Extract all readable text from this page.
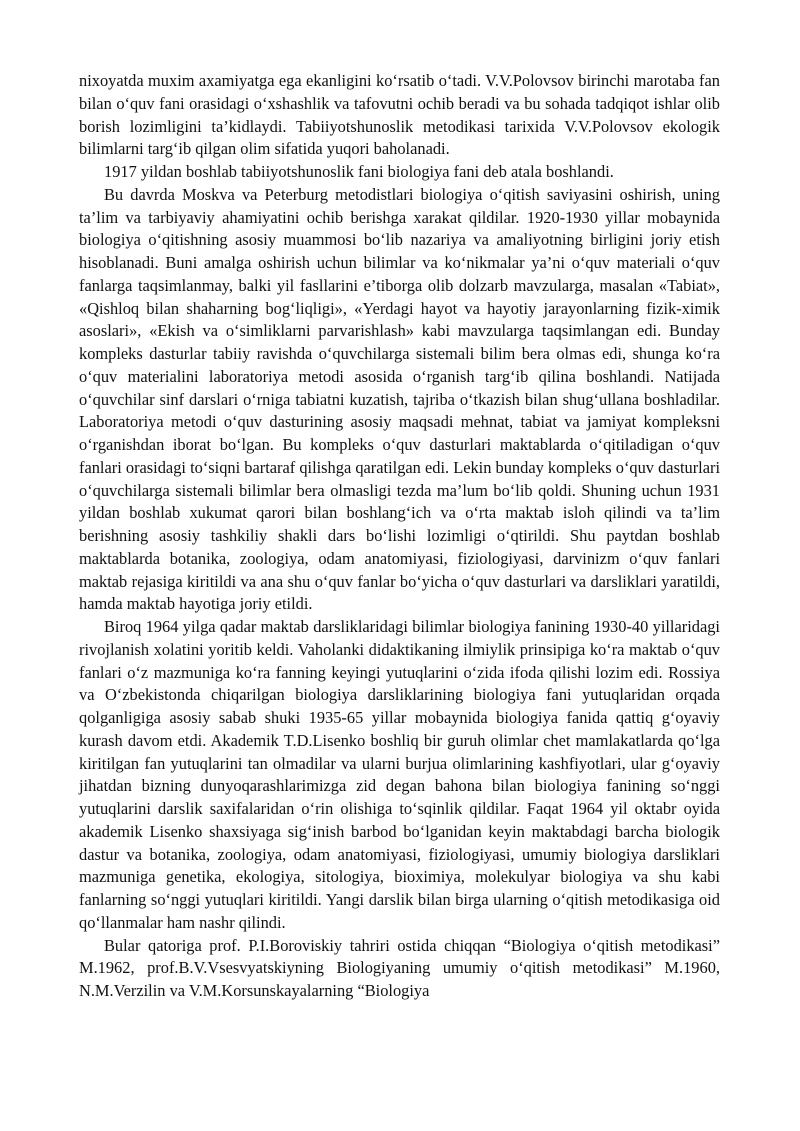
nixoyatda muxim axamiyatga ega ekanligini ko‘rsatib o‘tadi. V.V.Polovsov birinchi marotaba fan bilan o‘quv fani orasidagi o‘xshashlik va tafovutni ochib beradi va bu sohada tadqiqot ishlar olib borish lozimligini ta’kidlaydi. Tabiiyotshunoslik metodikasi tarixida V.V.Polovsov ekologik bilimlarni targ‘ib qilgan olim sifatida yuqori baholanadi.

1917 yildan boshlab tabiiyotshunoslik fani biologiya fani deb atala boshlandi.

Bu davrda Moskva va Peterburg metodistlari biologiya o‘qitish saviyasini oshirish, uning ta’lim va tarbiyaviy ahamiyatini ochib berishga xarakat qildilar. 1920-1930 yillar mobaynida biologiya o‘qitishning asosiy muammosi bo‘lib nazariya va amaliyotning birligini joriy etish hisoblanadi. Buni amalga oshirish uchun bilimlar va ko‘nikmalar ya’ni o‘quv materiali o‘quv fanlarga taqsimlanmay, balki yil fasllarini e’tiborga olib dolzarb mavzularga, masalan «Tabiat», «Qishloq bilan shaharning bog‘liqligi», «Yerdagi hayot va hayotiy jarayonlarning fizik-ximik asoslari», «Ekish va o‘simliklarni parvarishlash» kabi mavzularga taqsimlangan edi. Bunday kompleks dasturlar tabiiy ravishda o‘quvchilarga sistemali bilim bera olmas edi, shunga ko‘ra o‘quv materialini laboratoriya metodi asosida o‘rganish targ‘ib qilina boshlandi. Natijada o‘quvchilar sinf darslari o‘rniga tabiatni kuzatish, tajriba o‘tkazish bilan shug‘ullana boshladilar. Laboratoriya metodi o‘quv dasturining asosiy maqsadi mehnat, tabiat va jamiyat kompleksni o‘rganishdan iborat bo‘lgan. Bu kompleks o‘quv dasturlari maktablarda o‘qitiladigan o‘quv fanlari orasidagi to‘siqni bartaraf qilishga qaratilgan edi. Lekin bunday kompleks o‘quv dasturlari o‘quvchilarga sistemali bilimlar bera olmasligi tezda ma’lum bo‘lib qoldi. Shuning uchun 1931 yildan boshlab xukumat qarori bilan boshlang‘ich va o‘rta maktab isloh qilindi va ta’lim berishning asosiy tashkiliy shakli dars bo‘lishi lozimligi o‘qtirildi. Shu paytdan boshlab maktablarda botanika, zoologiya, odam anatomiyasi, fiziologiyasi, darvinizm o‘quv fanlari maktab rejasiga kiritildi va ana shu o‘quv fanlar bo‘yicha o‘quv dasturlari va darsliklari yaratildi, hamda maktab hayotiga joriy etildi.

Biroq 1964 yilga qadar maktab darsliklaridagi bilimlar biologiya fanining 1930-40 yillaridagi rivojlanish xolatini yoritib keldi. Vaholanki didaktikaning ilmiylik prinsipiga ko‘ra maktab o‘quv fanlari o‘z mazmuniga ko‘ra fanning keyingi yutuqlarini o‘zida ifoda qilishi lozim edi. Rossiya va O‘zbekistonda chiqarilgan biologiya darsliklarining biologiya fani yutuqlaridan orqada qolganligiga asosiy sabab shuki 1935-65 yillar mobaynida biologiya fanida qattiq g‘oyaviy kurash davom etdi. Akademik T.D.Lisenko boshliq bir guruh olimlar chet mamlakatlarda qo‘lga kiritilgan fan yutuqlarini tan olmadilar va ularni burjua olimlarining kashfiyotlari, ular g‘oyaviy jihatdan bizning dunyoqarashlarimizga zid degan bahona bilan biologiya fanining so‘nggi yutuqlarini darslik saxifalaridan o‘rin olishiga to‘sqinlik qildilar. Faqat 1964 yil oktabr oyida akademik Lisenko shaxsiyaga sig‘inish barbod bo‘lganidan keyin maktabdagi barcha biologik dastur va botanika, zoologiya, odam anatomiyasi, fiziologiyasi, umumiy biologiya darsliklari mazmuniga genetika, ekologiya, sitologiya, bioximiya, molekulyar biologiya va shu kabi fanlarning so‘nggi yutuqlari kiritildi. Yangi darslik bilan birga ularning o‘qitish metodikasiga oid qo‘llanmalar ham nashr qilindi.

Bular qatoriga prof. P.I.Boroviskiy tahriri ostida chiqqan “Biologiya o‘qitish metodikasi” M.1962, prof.B.V.Vsesvyatskiyning Biologiyaning umumiy o‘qitish metodikasi” M.1960, N.M.Verzilin va V.M.Korsunskayalarning “Biologiya
